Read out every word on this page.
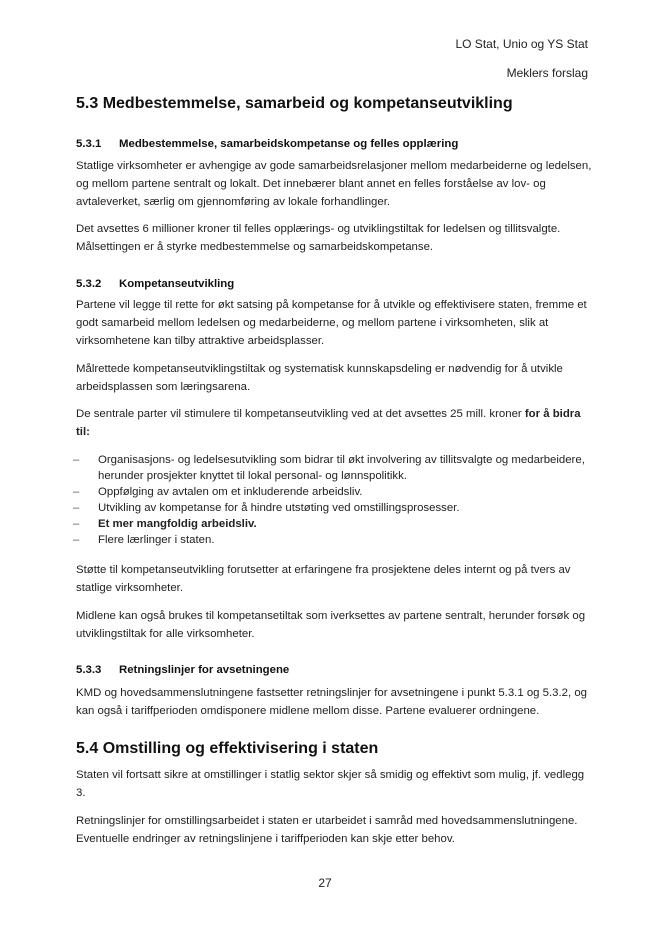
LO Stat, Unio og YS Stat
Meklers forslag
5.3 Medbestemmelse, samarbeid og kompetanseutvikling
5.3.1 Medbestemmelse, samarbeidskompetanse og felles opplæring
Statlige virksomheter er avhengige av gode samarbeidsrelasjoner mellom medarbeiderne og ledelsen, og mellom partene sentralt og lokalt. Det innebærer blant annet en felles forståelse av lov- og avtaleverket, særlig om gjennomføring av lokale forhandlinger.
Det avsettes 6 millioner kroner til felles opplærings- og utviklingstiltak for ledelsen og tillitsvalgte. Målsettingen er å styrke medbestemmelse og samarbeidskompetanse.
5.3.2 Kompetanseutvikling
Partene vil legge til rette for økt satsing på kompetanse for å utvikle og effektivisere staten, fremme et godt samarbeid mellom ledelsen og medarbeiderne, og mellom partene i virksomheten, slik at virksomhetene kan tilby attraktive arbeidsplasser.
Målrettede kompetanseutviklingstiltak og systematisk kunnskapsdeling er nødvendig for å utvikle arbeidsplassen som læringsarena.
De sentrale parter vil stimulere til kompetanseutvikling ved at det avsettes 25 mill. kroner for å bidra til:
– Organisasjons- og ledelsesutvikling som bidrar til økt involvering av tillitsvalgte og medarbeidere, herunder prosjekter knyttet til lokal personal- og lønnspolitikk.
– Oppfølging av avtalen om et inkluderende arbeidsliv.
– Utvikling av kompetanse for å hindre utstøting ved omstillingsprosesser.
– Et mer mangfoldig arbeidsliv.
– Flere lærlinger i staten.
Støtte til kompetanseutvikling forutsetter at erfaringene fra prosjektene deles internt og på tvers av statlige virksomheter.
Midlene kan også brukes til kompetansetiltak som iverksettes av partene sentralt, herunder forsøk og utviklingstiltak for alle virksomheter.
5.3.3 Retningslinjer for avsetningene
KMD og hovedsammenslutningene fastsetter retningslinjer for avsetningene i punkt 5.3.1 og 5.3.2, og kan også i tariffperioden omdisponere midlene mellom disse. Partene evaluerer ordningene.
5.4 Omstilling og effektivisering i staten
Staten vil fortsatt sikre at omstillinger i statlig sektor skjer så smidig og effektivt som mulig, jf. vedlegg 3.
Retningslinjer for omstillingsarbeidet i staten er utarbeidet i samråd med hovedsammenslutningene. Eventuelle endringer av retningslinjene i tariffperioden kan skje etter behov.
27
